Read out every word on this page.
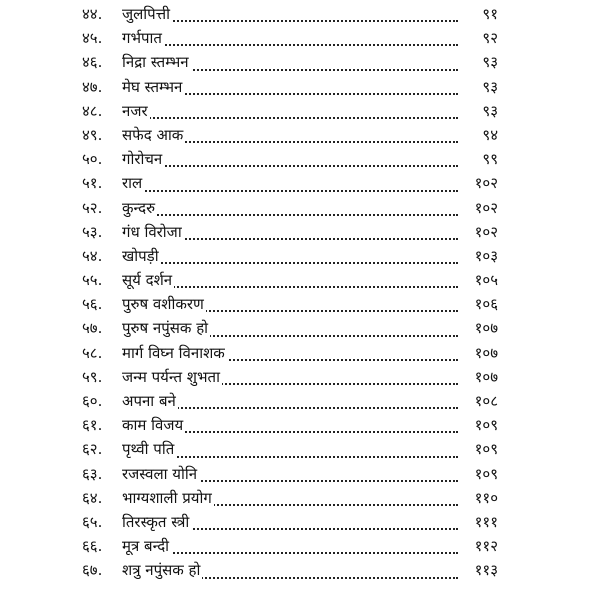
४४. जुलपित्ती	९१
४५. गर्भपात	९२
४६. निद्रा स्तम्भन	९३
४७. मेघ स्तम्भन	९३
४८. नजर	९३
४९. सफेद आक	९४
५०. गोरोचन	९९
५१. राल	१०२
५२. कुन्दरु	१०२
५३. गंध विरोजा	१०२
५४. खोपड़ी	१०३
५५. सूर्य दर्शन	१०५
५६. पुरुष वशीकरण	१०६
५७. पुरुष नपुंसक हो	१०७
५८. मार्ग विघ्न विनाशक	१०७
५९. जन्म पर्यन्त शुभता	१०७
६०. अपना बने	१०८
६१. काम विजय	१०९
६२. पृथ्वी पति	१०९
६३. रजस्वला योनि	१०९
६४. भाग्यशाली प्रयोग	११०
६५. तिरस्कृत स्त्री	१११
६६. मूत्र बन्दी	११२
६७. शत्रु नपुंसक हो	११३
